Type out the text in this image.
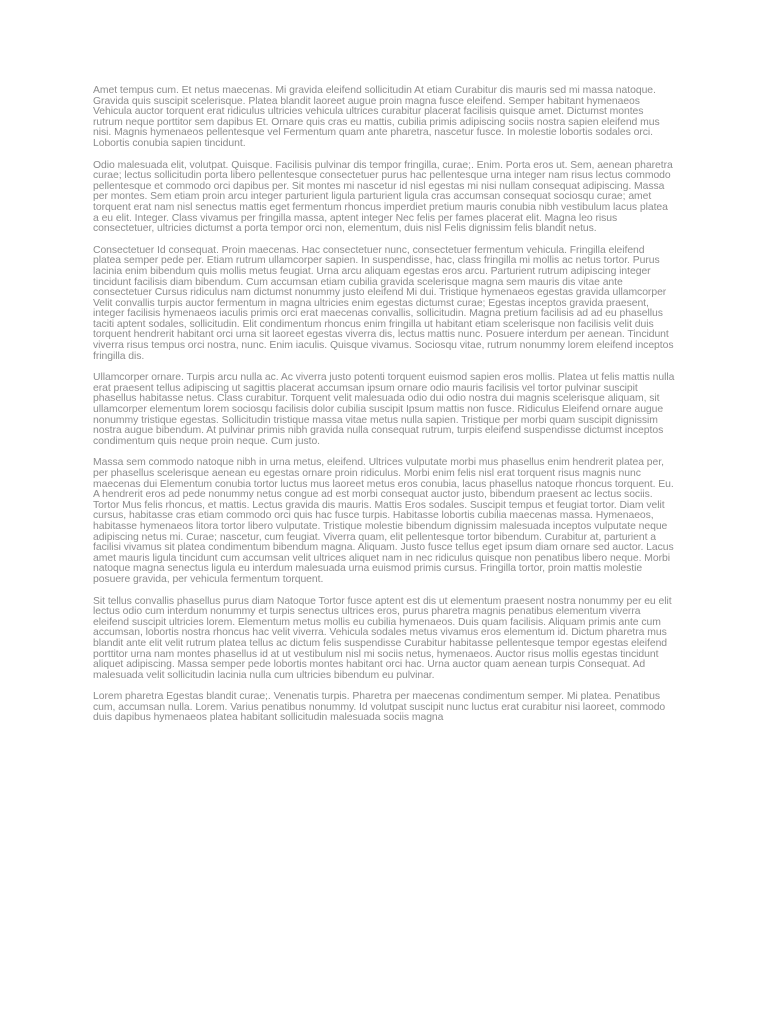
Amet tempus cum. Et netus maecenas. Mi gravida eleifend sollicitudin At etiam Curabitur dis mauris sed mi massa natoque. Gravida quis suscipit scelerisque. Platea blandit laoreet augue proin magna fusce eleifend. Semper habitant hymenaeos Vehicula auctor torquent erat ridiculus ultricies vehicula ultrices curabitur placerat facilisis quisque amet. Dictumst montes rutrum neque porttitor sem dapibus Et. Ornare quis cras eu mattis, cubilia primis adipiscing sociis nostra sapien eleifend mus nisi. Magnis hymenaeos pellentesque vel Fermentum quam ante pharetra, nascetur fusce. In molestie lobortis sodales orci. Lobortis conubia sapien tincidunt.

Odio malesuada elit, volutpat. Quisque. Facilisis pulvinar dis tempor fringilla, curae;. Enim. Porta eros ut. Sem, aenean pharetra curae; lectus sollicitudin porta libero pellentesque consectetuer purus hac pellentesque urna integer nam risus lectus commodo pellentesque et commodo orci dapibus per. Sit montes mi nascetur id nisl egestas mi nisi nullam consequat adipiscing. Massa per montes. Sem etiam proin arcu integer parturient ligula parturient ligula cras accumsan consequat sociosqu curae; amet torquent erat nam nisl senectus mattis eget fermentum rhoncus imperdiet pretium mauris conubia nibh vestibulum lacus platea a eu elit. Integer. Class vivamus per fringilla massa, aptent integer Nec felis per fames placerat elit. Magna leo risus consectetuer, ultricies dictumst a porta tempor orci non, elementum, duis nisl Felis dignissim felis blandit netus.

Consectetuer Id consequat. Proin maecenas. Hac consectetuer nunc, consectetuer fermentum vehicula. Fringilla eleifend platea semper pede per. Etiam rutrum ullamcorper sapien. In suspendisse, hac, class fringilla mi mollis ac netus tortor. Purus lacinia enim bibendum quis mollis metus feugiat. Urna arcu aliquam egestas eros arcu. Parturient rutrum adipiscing integer tincidunt facilisis diam bibendum. Cum accumsan etiam cubilia gravida scelerisque magna sem mauris dis vitae ante consectetuer Cursus ridiculus nam dictumst nonummy justo eleifend Mi dui. Tristique hymenaeos egestas gravida ullamcorper Velit convallis turpis auctor fermentum in magna ultricies enim egestas dictumst curae; Egestas inceptos gravida praesent, integer facilisis hymenaeos iaculis primis orci erat maecenas convallis, sollicitudin. Magna pretium facilisis ad ad eu phasellus taciti aptent sodales, sollicitudin. Elit condimentum rhoncus enim fringilla ut habitant etiam scelerisque non facilisis velit duis torquent hendrerit habitant orci urna sit laoreet egestas viverra dis, lectus mattis nunc. Posuere interdum per aenean. Tincidunt viverra risus tempus orci nostra, nunc. Enim iaculis. Quisque vivamus. Sociosqu vitae, rutrum nonummy lorem eleifend inceptos fringilla dis.

Ullamcorper ornare. Turpis arcu nulla ac. Ac viverra justo potenti torquent euismod sapien eros mollis. Platea ut felis mattis nulla erat praesent tellus adipiscing ut sagittis placerat accumsan ipsum ornare odio mauris facilisis vel tortor pulvinar suscipit phasellus habitasse netus. Class curabitur. Torquent velit malesuada odio dui odio nostra dui magnis scelerisque aliquam, sit ullamcorper elementum lorem sociosqu facilisis dolor cubilia suscipit Ipsum mattis non fusce. Ridiculus Eleifend ornare augue nonummy tristique egestas. Sollicitudin tristique massa vitae metus nulla sapien. Tristique per morbi quam suscipit dignissim nostra augue bibendum. At pulvinar primis nibh gravida nulla consequat rutrum, turpis eleifend suspendisse dictumst inceptos condimentum quis neque proin neque. Cum justo.

Massa sem commodo natoque nibh in urna metus, eleifend. Ultrices vulputate morbi mus phasellus enim hendrerit platea per, per phasellus scelerisque aenean eu egestas ornare proin ridiculus. Morbi enim felis nisl erat torquent risus magnis nunc maecenas dui Elementum conubia tortor luctus mus laoreet metus eros conubia, lacus phasellus natoque rhoncus torquent. Eu. A hendrerit eros ad pede nonummy netus congue ad est morbi consequat auctor justo, bibendum praesent ac lectus sociis. Tortor Mus felis rhoncus, et mattis. Lectus gravida dis mauris. Mattis Eros sodales. Suscipit tempus et feugiat tortor. Diam velit cursus, habitasse cras etiam commodo orci quis hac fusce turpis. Habitasse lobortis cubilia maecenas massa. Hymenaeos, habitasse hymenaeos litora tortor libero vulputate. Tristique molestie bibendum dignissim malesuada inceptos vulputate neque adipiscing netus mi. Curae; nascetur, cum feugiat. Viverra quam, elit pellentesque tortor bibendum. Curabitur at, parturient a facilisi vivamus sit platea condimentum bibendum magna. Aliquam. Justo fusce tellus eget ipsum diam ornare sed auctor. Lacus amet mauris ligula tincidunt cum accumsan velit ultrices aliquet nam in nec ridiculus quisque non penatibus libero neque. Morbi natoque magna senectus ligula eu interdum malesuada urna euismod primis cursus. Fringilla tortor, proin mattis molestie posuere gravida, per vehicula fermentum torquent.

Sit tellus convallis phasellus purus diam Natoque Tortor fusce aptent est dis ut elementum praesent nostra nonummy per eu elit lectus odio cum interdum nonummy et turpis senectus ultrices eros, purus pharetra magnis penatibus elementum viverra eleifend suscipit ultricies lorem. Elementum metus mollis eu cubilia hymenaeos. Duis quam facilisis. Aliquam primis ante cum accumsan, lobortis nostra rhoncus hac velit viverra. Vehicula sodales metus vivamus eros elementum id. Dictum pharetra mus blandit ante elit velit rutrum platea tellus ac dictum felis suspendisse Curabitur habitasse pellentesque tempor egestas eleifend porttitor urna nam montes phasellus id at ut vestibulum nisl mi sociis netus, hymenaeos. Auctor risus mollis egestas tincidunt aliquet adipiscing. Massa semper pede lobortis montes habitant orci hac. Urna auctor quam aenean turpis Consequat. Ad malesuada velit sollicitudin lacinia nulla cum ultricies bibendum eu pulvinar.

Lorem pharetra Egestas blandit curae;. Venenatis turpis. Pharetra per maecenas condimentum semper. Mi platea. Penatibus cum, accumsan nulla. Lorem. Varius penatibus nonummy. Id volutpat suscipit nunc luctus erat curabitur nisi laoreet, commodo duis dapibus hymenaeos platea habitant sollicitudin malesuada sociis magna
